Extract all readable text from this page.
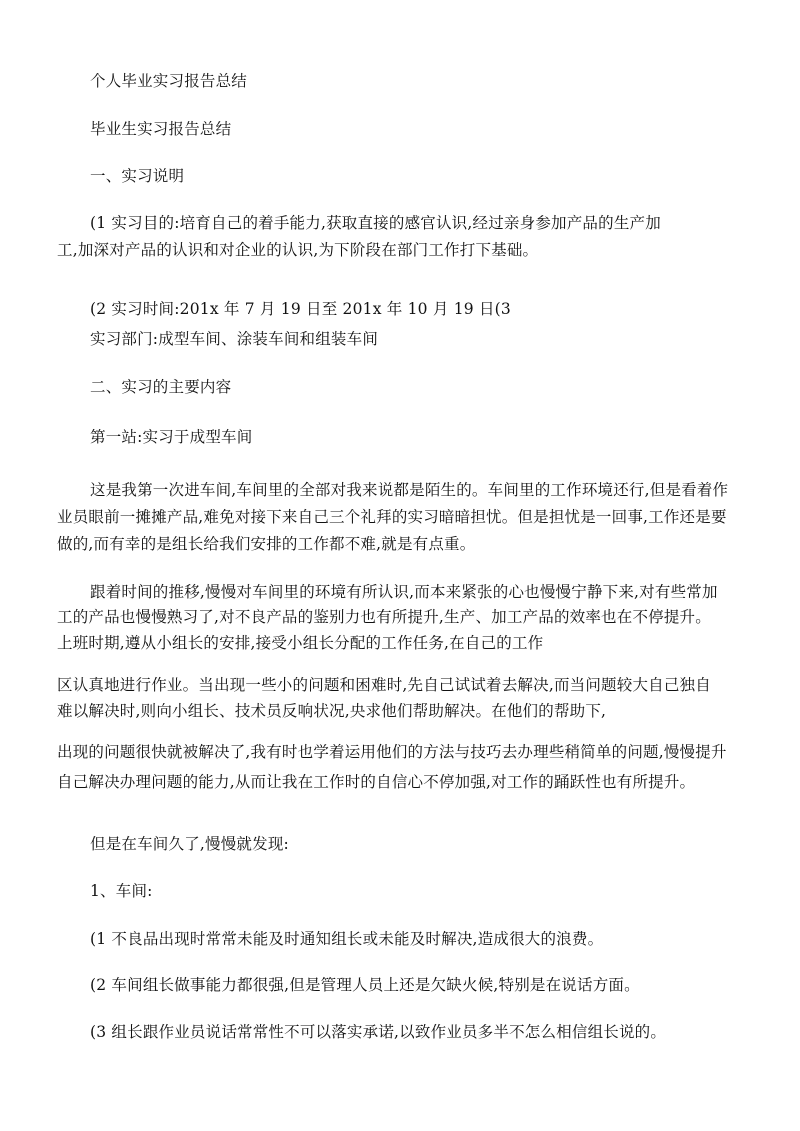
个人毕业实习报告总结

毕业生实习报告总结

一、实习说明

(1 实习目的:培育自己的着手能力,获取直接的感官认识,经过亲身参加产品的生产加

工,加深对产品的认识和对企业的认识,为下阶段在部门工作打下基础。

(2 实习时间:201x 年 7 月 19 日至 201x 年 10 月 19 日(3

实习部门:成型车间、涂装车间和组装车间

二、实习的主要内容

第一站:实习于成型车间

这是我第一次进车间,车间里的全部对我来说都是陌生的。车间里的工作环境还行,但是看着作

业员眼前一摊摊产品,难免对接下来自己三个礼拜的实习暗暗担忧。但是担忧是一回事,工作还是要

做的,而有幸的是组长给我们安排的工作都不难,就是有点重。

跟着时间的推移,慢慢对车间里的环境有所认识,而本来紧张的心也慢慢宁静下来,对有些常加

工的产品也慢慢熟习了,对不良产品的鉴别力也有所提升,生产、加工产品的效率也在不停提升。

上班时期,遵从小组长的安排,接受小组长分配的工作任务,在自己的工作

区认真地进行作业。当出现一些小的问题和困难时,先自己试试着去解决,而当问题较大自己独自

难以解决时,则向小组长、技术员反响状况,央求他们帮助解决。在他们的帮助下,

出现的问题很快就被解决了,我有时也学着运用他们的方法与技巧去办理些稍简单的问题,慢慢提升

自己解决办理问题的能力,从而让我在工作时的自信心不停加强,对工作的踊跃性也有所提升。

但是在车间久了,慢慢就发现:

1、车间:

(1 不良品出现时常常未能及时通知组长或未能及时解决,造成很大的浪费。

(2 车间组长做事能力都很强,但是管理人员上还是欠缺火候,特别是在说话方面。

(3 组长跟作业员说话常常性不可以落实承诺,以致作业员多半不怎么相信组长说的。
